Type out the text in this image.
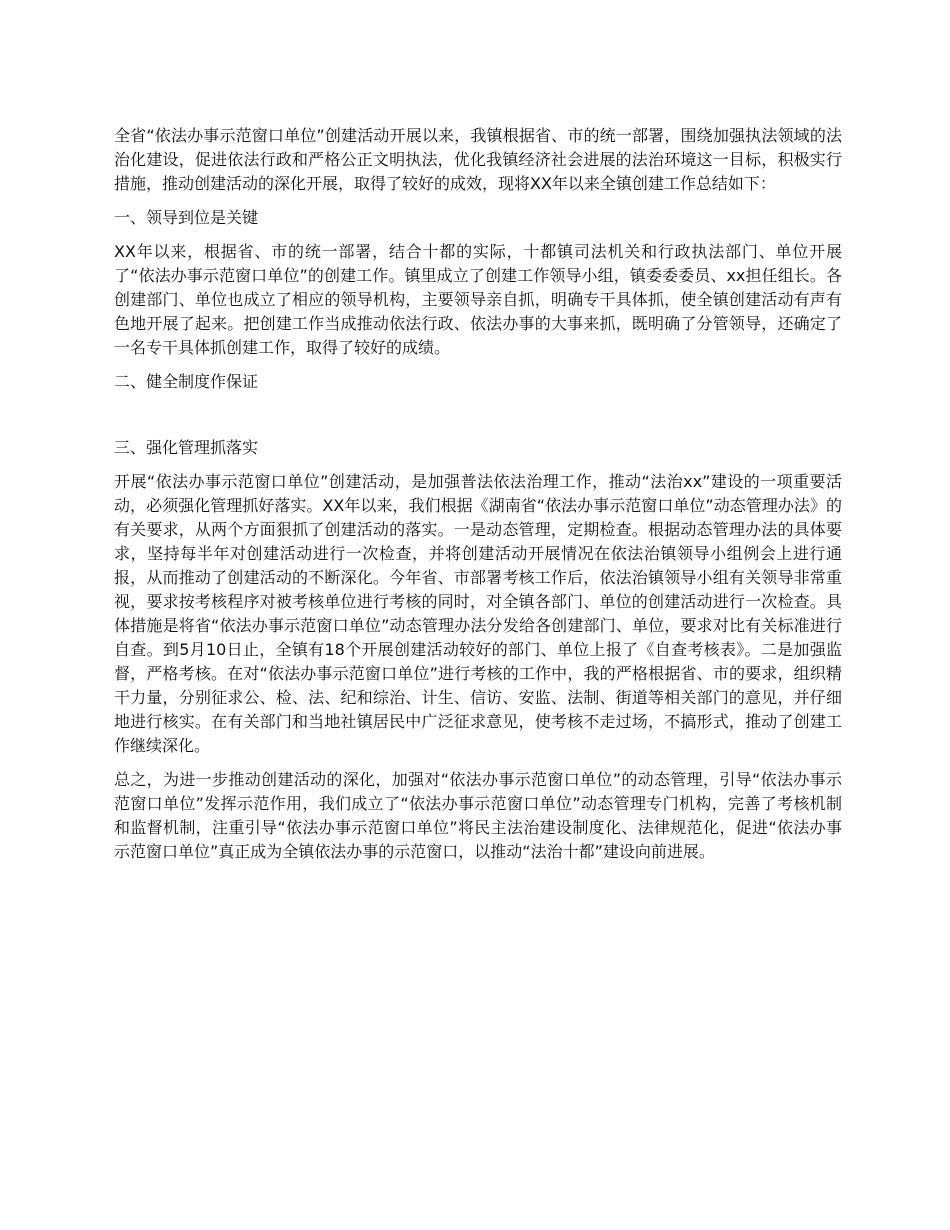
全省“依法办事示范窗口单位”创建活动开展以来，我镇根据省、市的统一部署，围绕加强执法领域的法治化建设，促进依法行政和严格公正文明执法，优化我镇经济社会进展的法治环境这一目标，积极实行措施，推动创建活动的深化开展，取得了较好的成效，现将XX年以来全镇创建工作总结如下：

一、领导到位是关键

XX年以来，根据省、市的统一部署，结合十都的实际，十都镇司法机关和行政执法部门、单位开展了“依法办事示范窗口单位”的创建工作。镇里成立了创建工作领导小组，镇委委委员、xx担任组长。各创建部门、单位也成立了相应的领导机构，主要领导亲自抓，明确专干具体抓，使全镇创建活动有声有色地开展了起来。把创建工作当成推动依法行政、依法办事的大事来抓，既明确了分管领导，还确定了一名专干具体抓创建工作，取得了较好的成绩。

二、健全制度作保证

三、强化管理抓落实

开展“依法办事示范窗口单位”创建活动，是加强普法依法治理工作，推动“法治xx”建设的一项重要活动，必须强化管理抓好落实。XX年以来，我们根据《湖南省“依法办事示范窗口单位”动态管理办法》的有关要求，从两个方面狠抓了创建活动的落实。一是动态管理，定期检查。根据动态管理办法的具体要求，坚持每半年对创建活动进行一次检查，并将创建活动开展情况在依法治镇领导小组例会上进行通报，从而推动了创建活动的不断深化。今年省、市部署考核工作后，依法治镇领导小组有关领导非常重视，要求按考核程序对被考核单位进行考核的同时，对全镇各部门、单位的创建活动进行一次检查。具体措施是将省“依法办事示范窗口单位”动态管理办法分发给各创建部门、单位，要求对比有关标准进行自查。到5月10日止，全镇有18个开展创建活动较好的部门、单位上报了《自查考核表》。二是加强监督，严格考核。在对“依法办事示范窗口单位”进行考核的工作中，我的严格根据省、市的要求，组织精干力量，分别征求公、检、法、纪和综治、计生、信访、安监、法制、街道等相关部门的意见，并仔细地进行核实。在有关部门和当地社镇居民中广泛征求意见，使考核不走过场，不搞形式，推动了创建工作继续深化。

总之，为进一步推动创建活动的深化，加强对“依法办事示范窗口单位”的动态管理，引导“依法办事示范窗口单位”发挥示范作用，我们成立了“依法办事示范窗口单位”动态管理专门机构，完善了考核机制和监督机制，注重引导“依法办事示范窗口单位”将民主法治建设制度化、法律规范化，促进“依法办事示范窗口单位”真正成为全镇依法办事的示范窗口，以推动“法治十都”建设向前进展。
